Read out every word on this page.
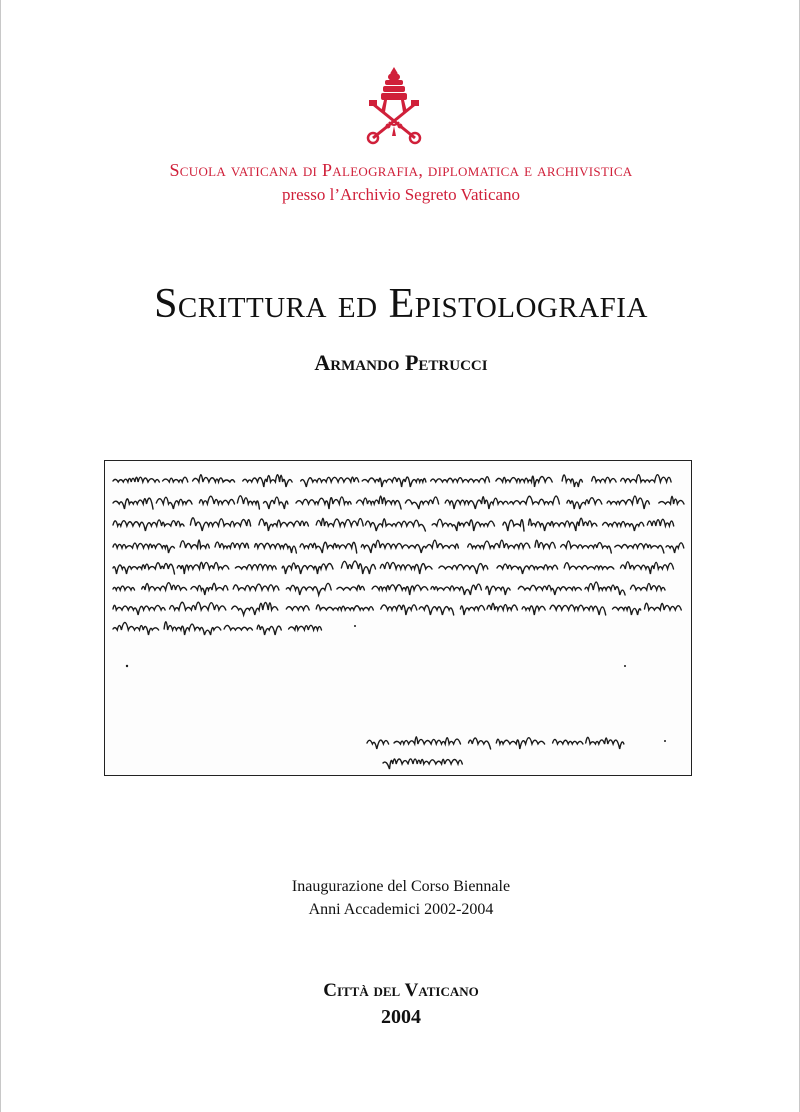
Scuola vaticana di Paleografia, diplomatica e archivistica
presso l’Archivio Segreto Vaticano
Scrittura ed Epistolografia
Armando Petrucci
Inaugurazione del Corso Biennale
Anni Accademici 2002-2004
Città del Vaticano
2004
